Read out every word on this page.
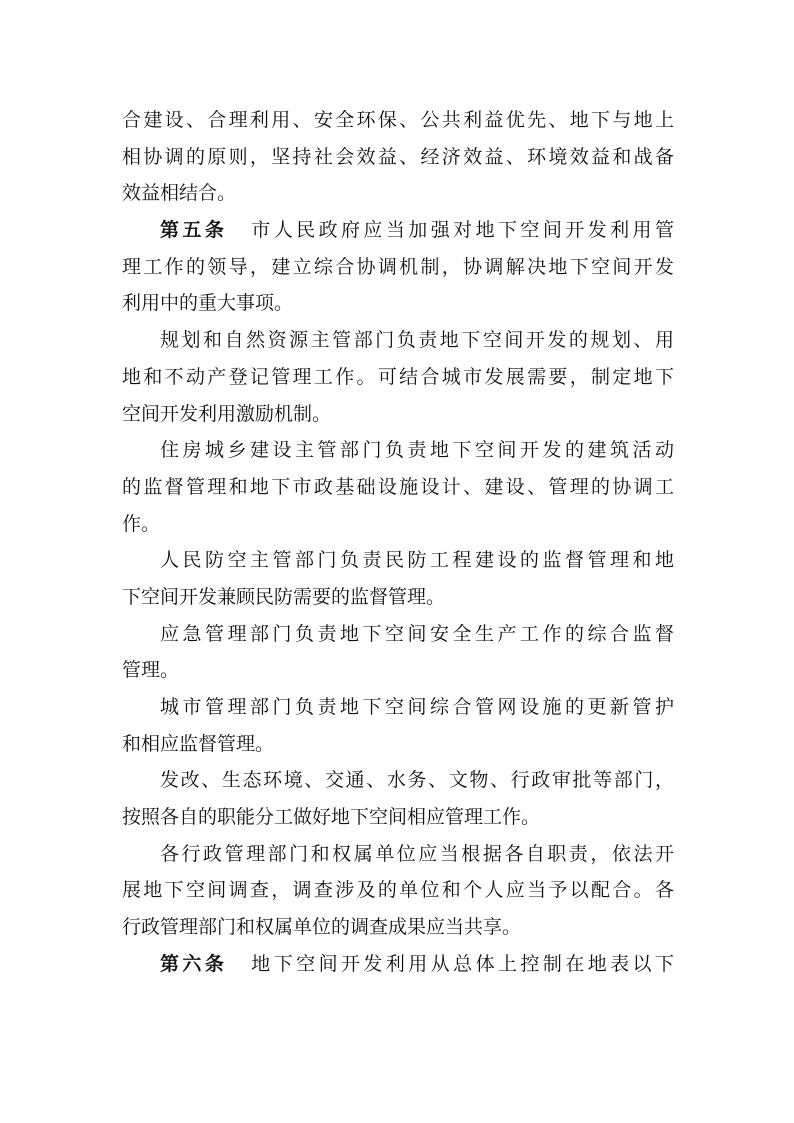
合建设、合理利用、安全环保、公共利益优先、地下与地上
相协调的原则，坚持社会效益、经济效益、环境效益和战备
效益相结合。
第五条 市人民政府应当加强对地下空间开发利用管
理工作的领导，建立综合协调机制，协调解决地下空间开发
利用中的重大事项。
规划和自然资源主管部门负责地下空间开发的规划、用
地和不动产登记管理工作。可结合城市发展需要，制定地下
空间开发利用激励机制。
住房城乡建设主管部门负责地下空间开发的建筑活动
的监督管理和地下市政基础设施设计、建设、管理的协调工
作。
人民防空主管部门负责民防工程建设的监督管理和地
下空间开发兼顾民防需要的监督管理。
应急管理部门负责地下空间安全生产工作的综合监督
管理。
城市管理部门负责地下空间综合管网设施的更新管护
和相应监督管理。
发改、生态环境、交通、水务、文物、行政审批等部门，
按照各自的职能分工做好地下空间相应管理工作。
各行政管理部门和权属单位应当根据各自职责，依法开
展地下空间调查，调查涉及的单位和个人应当予以配合。各
行政管理部门和权属单位的调查成果应当共享。
第六条 地下空间开发利用从总体上控制在地表以下
